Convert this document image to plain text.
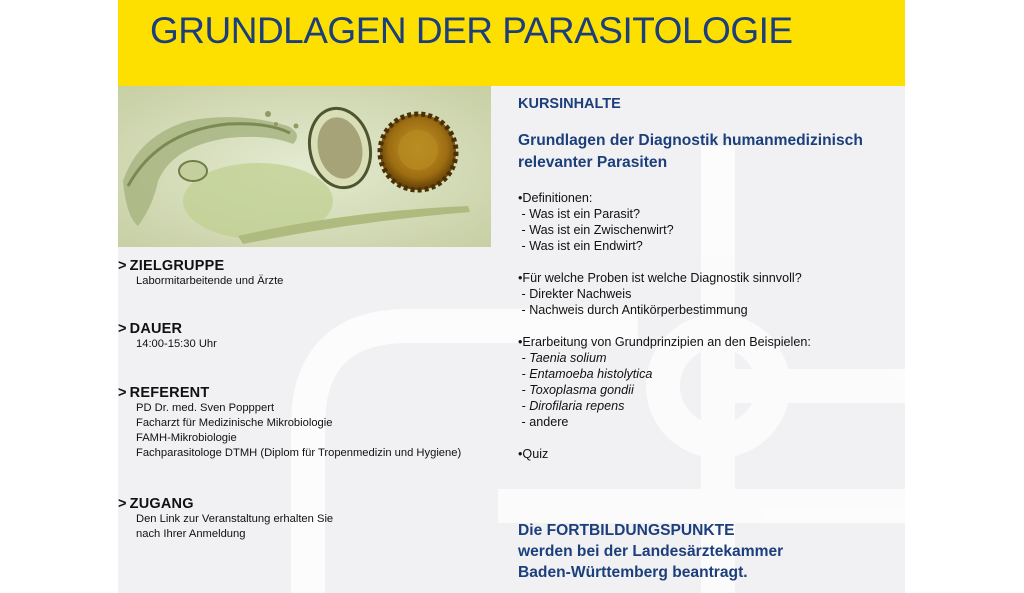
GRUNDLAGEN DER PARASITOLOGIE
> ZIELGRUPPE
Labormitarbeitende und Ärzte
> DAUER
14:00-15:30 Uhr
> REFERENT
PD Dr. med. Sven Popppert
Facharzt für Medizinische Mikrobiologie
FAMH-Mikrobiologie
Fachparasitologe DTMH (Diplom für Tropenmedizin und Hygiene)
> ZUGANG
Den Link zur Veranstaltung erhalten Sie
nach Ihrer Anmeldung
KURSINHALTE
Grundlagen der Diagnostik humanmedizinisch
relevanter Parasiten
•Definitionen:
- Was ist ein Parasit?
- Was ist ein Zwischenwirt?
- Was ist ein Endwirt?
•Für welche Proben ist welche Diagnostik sinnvoll?
- Direkter Nachweis
- Nachweis durch Antikörperbestimmung
•Erarbeitung von Grundprinzipien an den Beispielen:
- Taenia solium
- Entamoeba histolytica
- Toxoplasma gondii
- Dirofilaria repens
- andere
•Quiz
Die FORTBILDUNGSPUNKTE
werden bei der Landesärztekammer
Baden-Württemberg beantragt.
